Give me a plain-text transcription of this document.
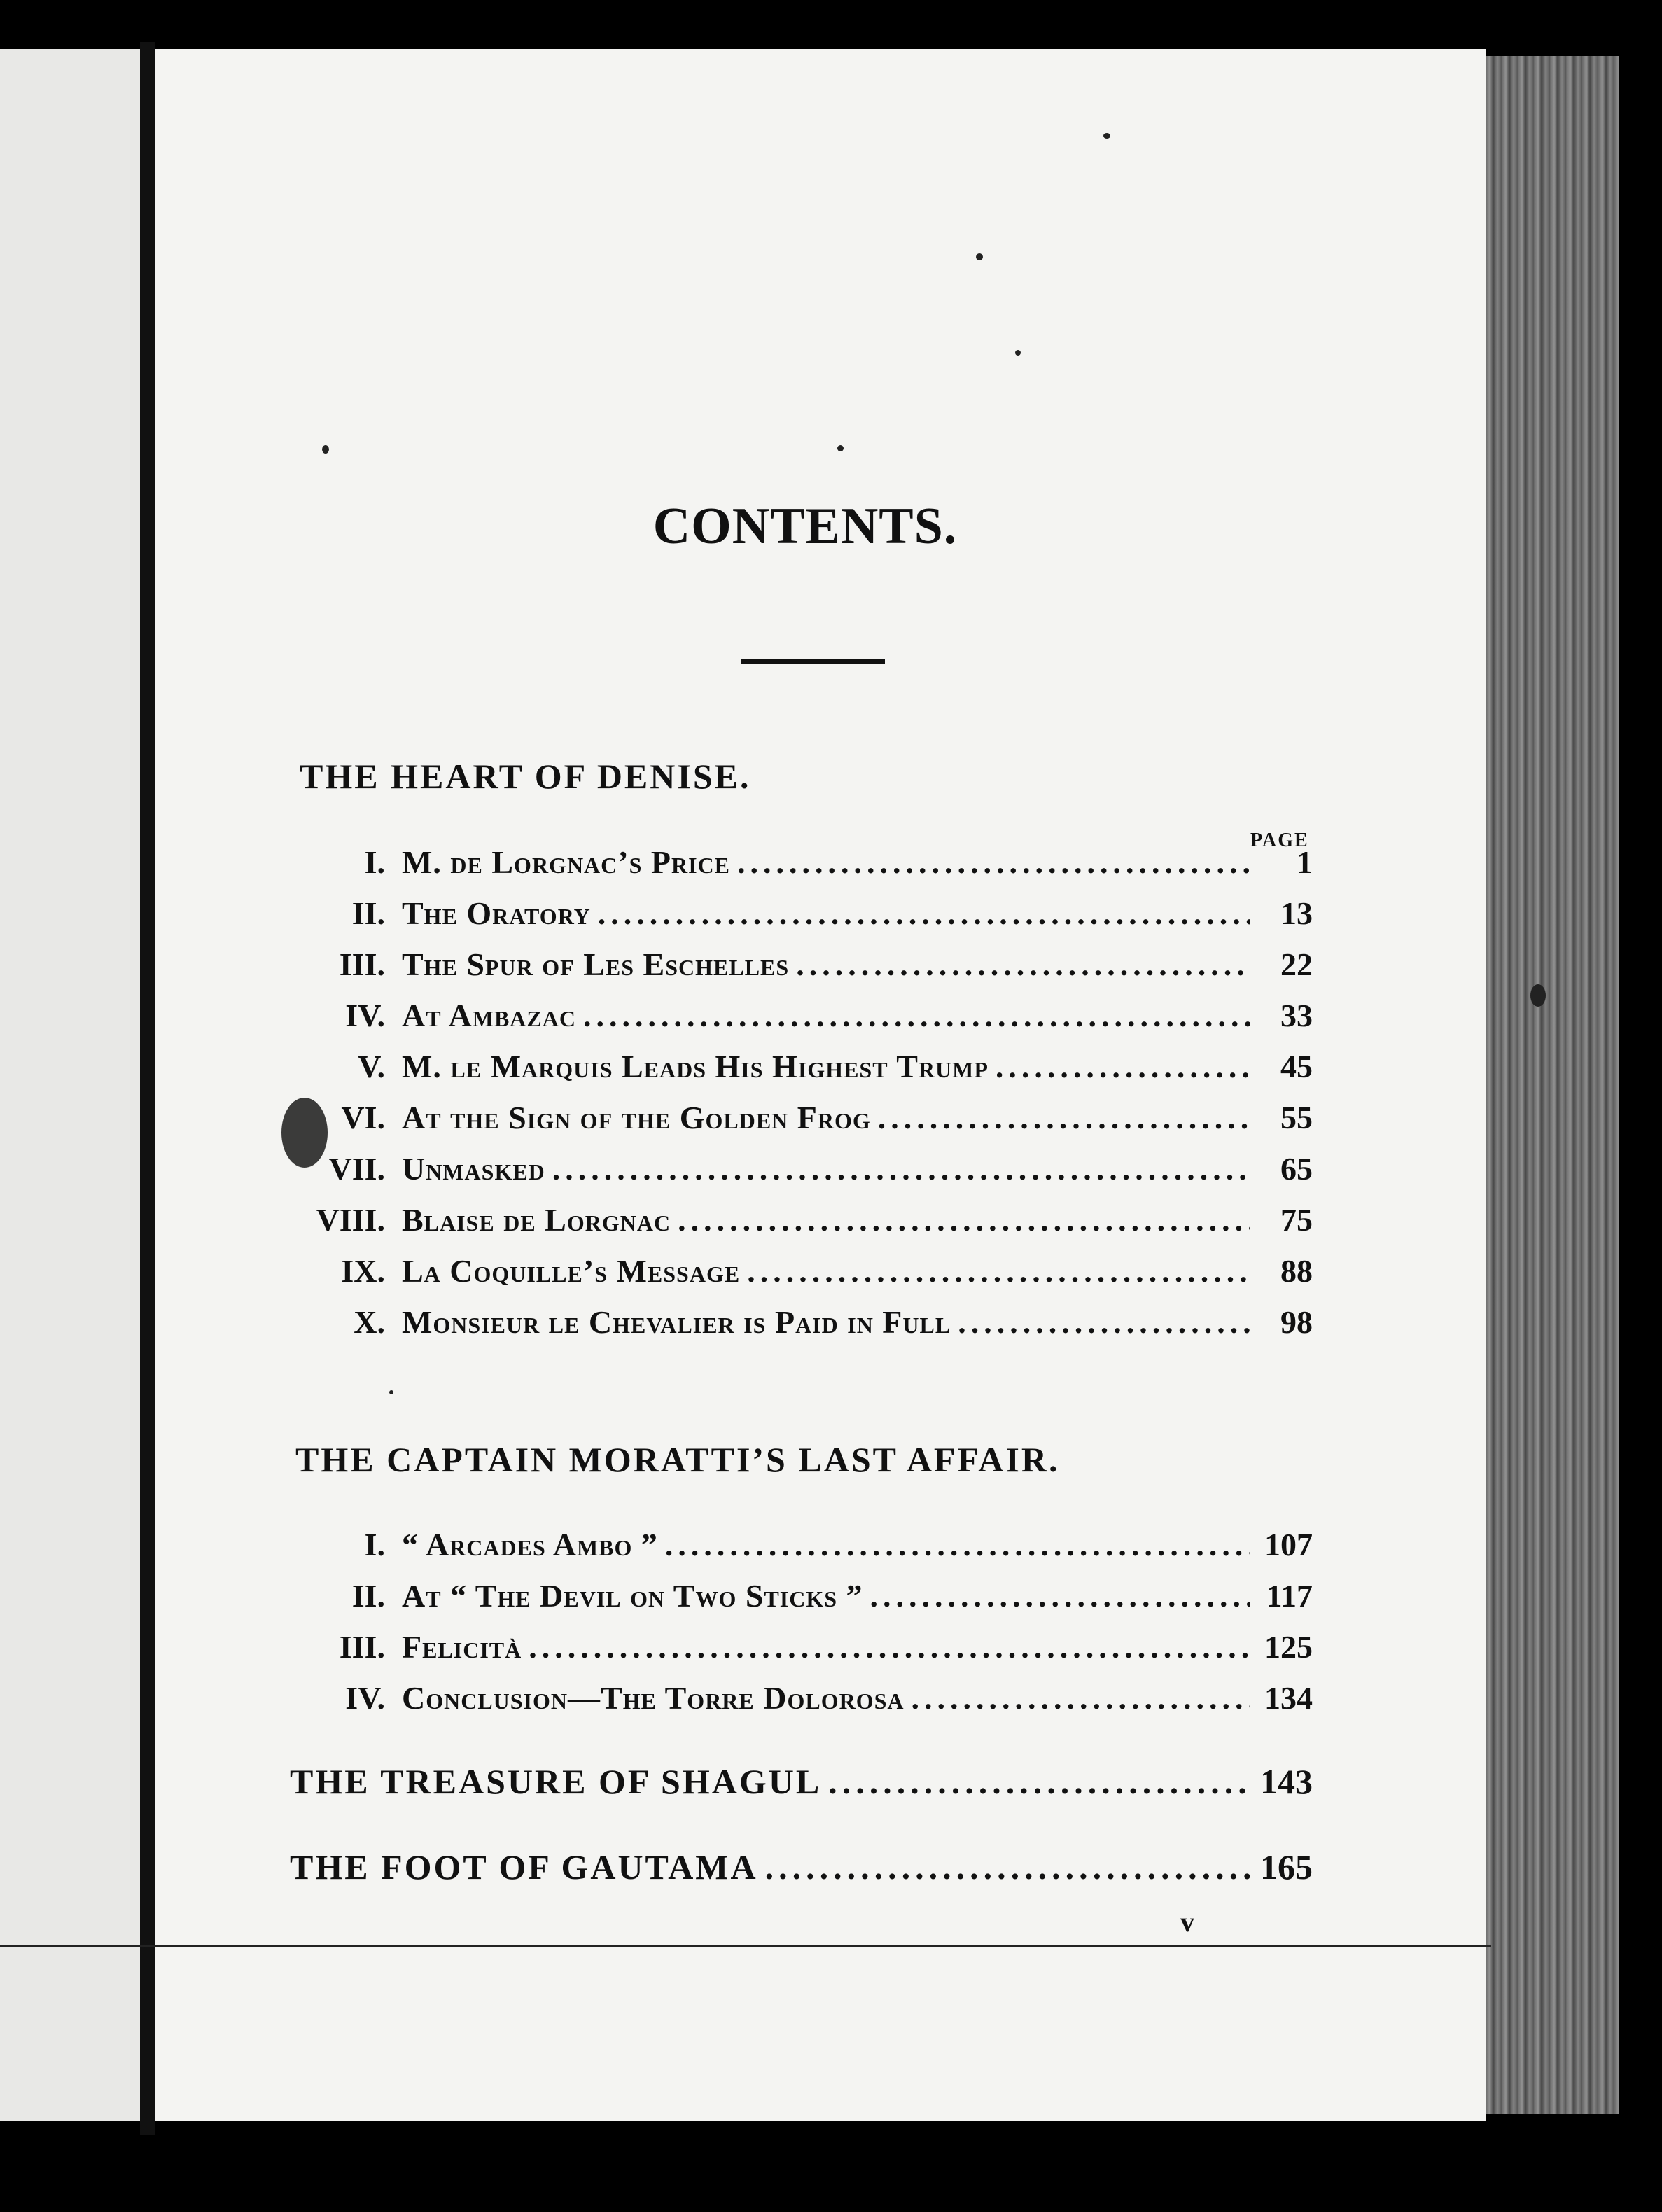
CONTENTS.
THE HEART OF DENISE.
PAGE
I. M. de Lorgnac’s Price .....	1
II. The Oratory .....	13
III. The Spur of Les Eschelles .....	22
IV. At Ambazac .....	33
V. M. le Marquis Leads His Highest Trump .....	45
VI. At the Sign of the Golden Frog .....	55
VII. Unmasked .....	65
VIII. Blaise de Lorgnac .....	75
IX. La Coquille’s Message .....	88
X. Monsieur le Chevalier is Paid in Full .....	98
THE CAPTAIN MORATTI’S LAST AFFAIR.
I. “ Arcades Ambo ” .....	107
II. At “ The Devil on Two Sticks ” .....	117
III. Felicità .....	125
IV. Conclusion—The Torre Dolorosa .....	134
THE TREASURE OF SHAGUL .....	143
THE FOOT OF GAUTAMA .....	165
v
